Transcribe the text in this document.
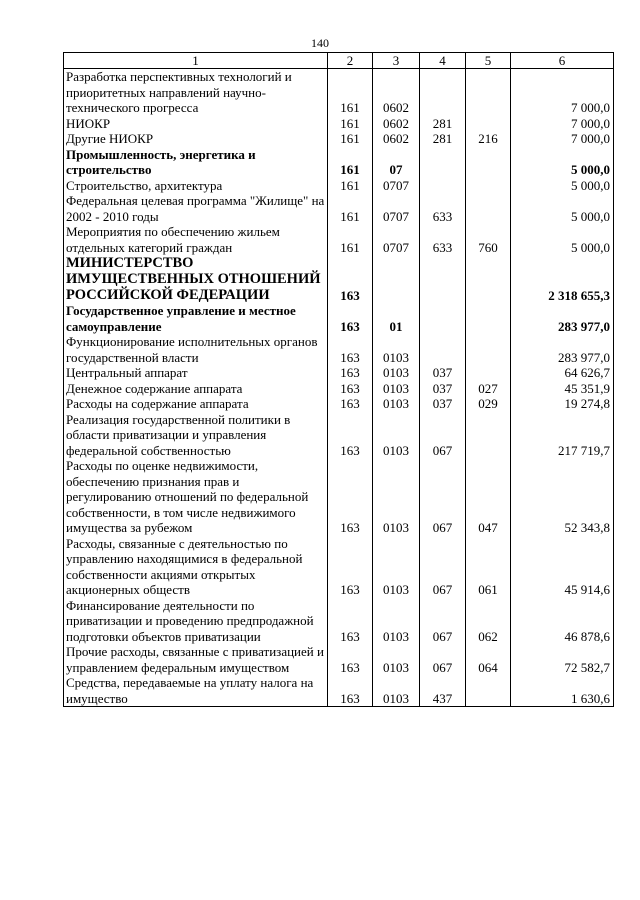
140
1	2	3	4	5	6
Разработка перспективных технологий и приоритетных направлений научно-технического прогресса	161	0602			7 000,0
НИОКР	161	0602	281		7 000,0
Другие НИОКР	161	0602	281	216	7 000,0
Промышленность, энергетика и строительство	161	07			5 000,0
Строительство, архитектура	161	0707			5 000,0
Федеральная целевая программа "Жилище" на 2002 - 2010 годы	161	0707	633		5 000,0
Мероприятия по обеспечению жильем отдельных категорий граждан	161	0707	633	760	5 000,0
МИНИСТЕРСТВО ИМУЩЕСТВЕННЫХ ОТНОШЕНИЙ РОССИЙСКОЙ ФЕДЕРАЦИИ	163				2 318 655,3
Государственное управление и местное самоуправление	163	01			283 977,0
Функционирование исполнительных органов государственной власти	163	0103			283 977,0
Центральный аппарат	163	0103	037		64 626,7
Денежное содержание аппарата	163	0103	037	027	45 351,9
Расходы на содержание аппарата	163	0103	037	029	19 274,8
Реализация государственной политики в области приватизации и управления федеральной собственностью	163	0103	067		217 719,7
Расходы по оценке недвижимости, обеспечению признания прав и регулированию отношений по федеральной собственности, в том числе недвижимого имущества за рубежом	163	0103	067	047	52 343,8
Расходы, связанные с деятельностью по управлению находящимися в федеральной собственности акциями открытых акционерных обществ	163	0103	067	061	45 914,6
Финансирование деятельности по приватизации и проведению предпродажной подготовки объектов приватизации	163	0103	067	062	46 878,6
Прочие расходы, связанные с приватизацией и управлением федеральным имуществом	163	0103	067	064	72 582,7
Средства, передаваемые на уплату налога на имущество	163	0103	437		1 630,6
